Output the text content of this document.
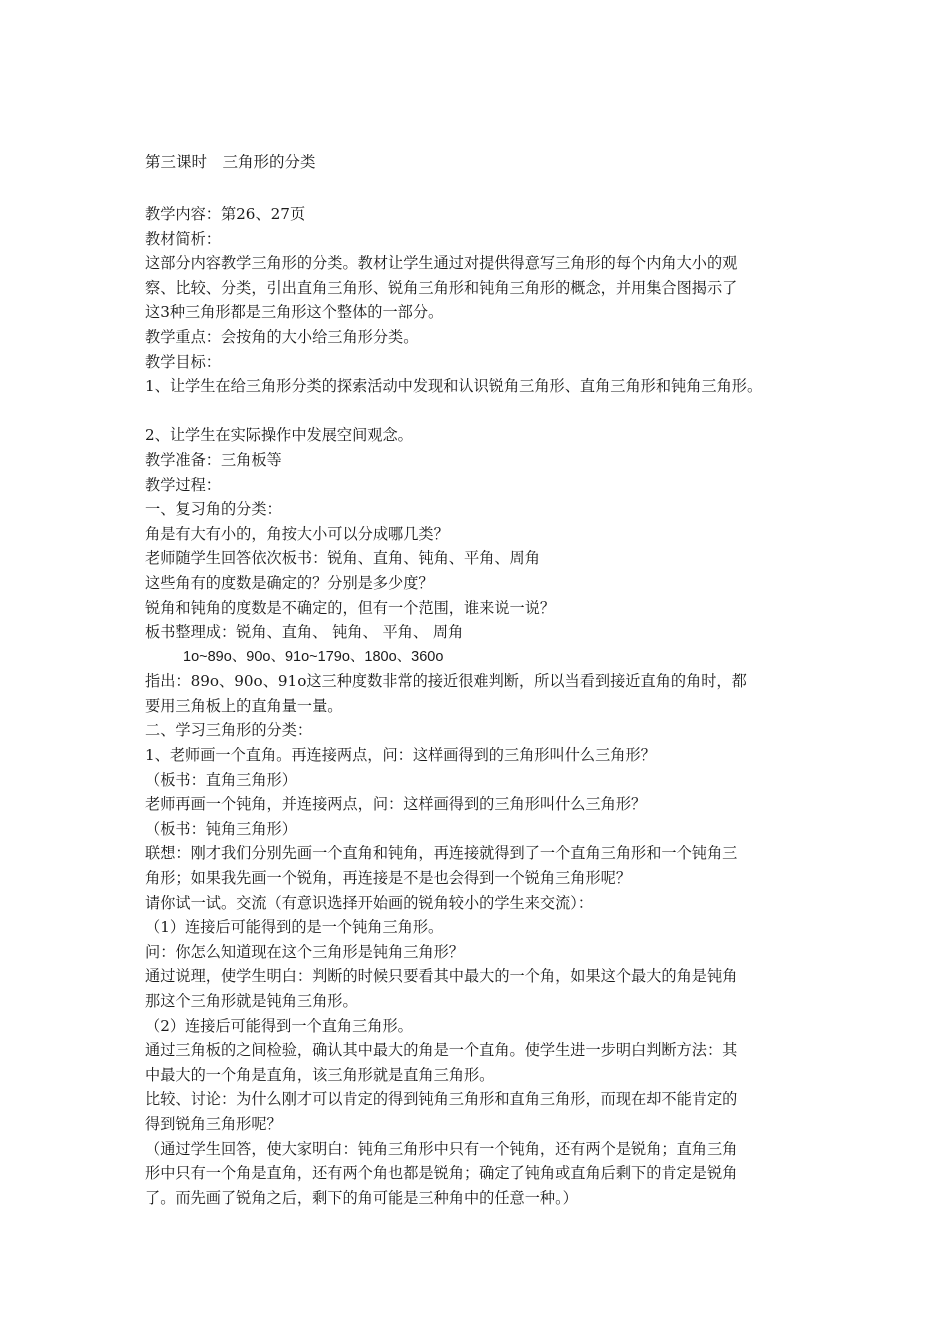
第三课时　三角形的分类
教学内容：第26、27页
教材简析：
这部分内容教学三角形的分类。教材让学生通过对提供得意写三角形的每个内角大小的观
察、比较、分类，引出直角三角形、锐角三角形和钝角三角形的概念，并用集合图揭示了
这3种三角形都是三角形这个整体的一部分。
教学重点：会按角的大小给三角形分类。
教学目标：
1、让学生在给三角形分类的探索活动中发现和认识锐角三角形、直角三角形和钝角三角形。
2、让学生在实际操作中发展空间观念。
教学准备：三角板等
教学过程：
一、复习角的分类：
角是有大有小的，角按大小可以分成哪几类？
老师随学生回答依次板书：锐角、直角、钝角、平角、周角
这些角有的度数是确定的？分别是多少度？
锐角和钝角的度数是不确定的，但有一个范围，谁来说一说？
板书整理成：锐角、直角、 钝角、 平角、 周角
1o~89o、90o、91o~179o、180o、360o
指出：89o、90o、91o这三种度数非常的接近很难判断，所以当看到接近直角的角时，都
要用三角板上的直角量一量。
二、学习三角形的分类：
1、老师画一个直角。再连接两点，问：这样画得到的三角形叫什么三角形？
（板书：直角三角形）
老师再画一个钝角，并连接两点，问：这样画得到的三角形叫什么三角形？
（板书：钝角三角形）
联想：刚才我们分别先画一个直角和钝角，再连接就得到了一个直角三角形和一个钝角三
角形；如果我先画一个锐角，再连接是不是也会得到一个锐角三角形呢？
请你试一试。交流（有意识选择开始画的锐角较小的学生来交流）：
（1）连接后可能得到的是一个钝角三角形。
问：你怎么知道现在这个三角形是钝角三角形？
通过说理，使学生明白：判断的时候只要看其中最大的一个角，如果这个最大的角是钝角
那这个三角形就是钝角三角形。
（2）连接后可能得到一个直角三角形。
通过三角板的之间检验，确认其中最大的角是一个直角。使学生进一步明白判断方法：其
中最大的一个角是直角，该三角形就是直角三角形。
比较、讨论：为什么刚才可以肯定的得到钝角三角形和直角三角形，而现在却不能肯定的
得到锐角三角形呢？
（通过学生回答，使大家明白：钝角三角形中只有一个钝角，还有两个是锐角；直角三角
形中只有一个角是直角，还有两个角也都是锐角；确定了钝角或直角后剩下的肯定是锐角
了。而先画了锐角之后，剩下的角可能是三种角中的任意一种。）
